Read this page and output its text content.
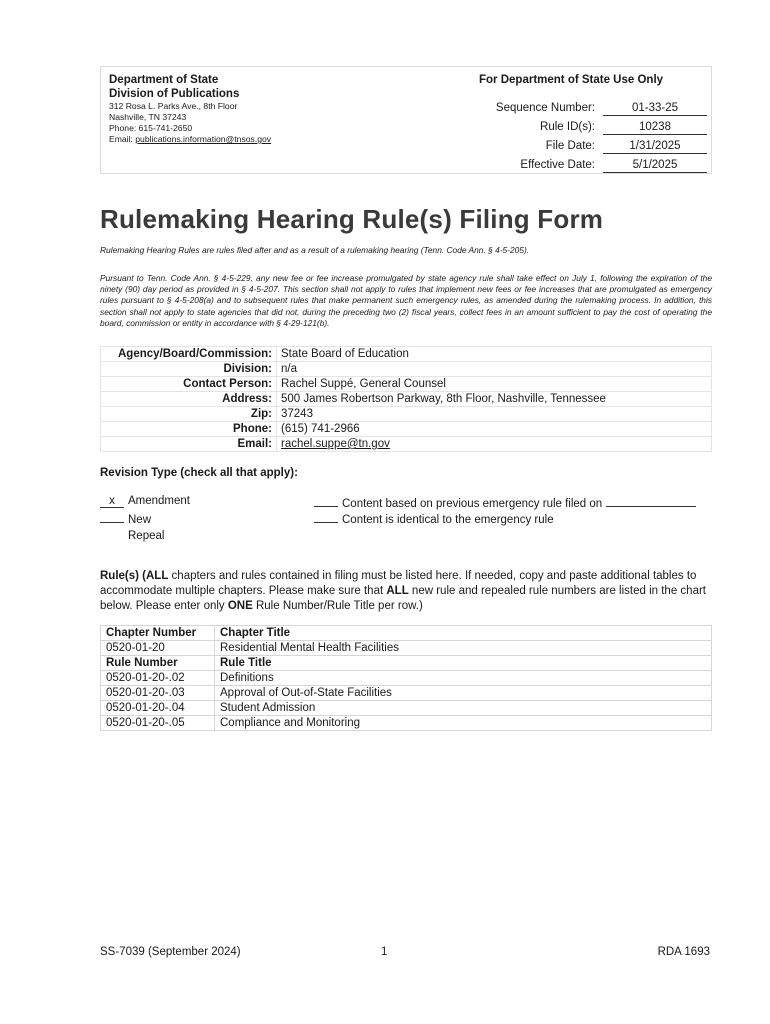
Department of State
Division of Publications
312 Rosa L. Parks Ave., 8th Floor
Nashville, TN 37243
Phone: 615-741-2650
Email: publications.information@tnsos.gov
For Department of State Use Only
Sequence Number:	01-33-25
Rule ID(s):	10238
File Date:	1/31/2025
Effective Date:	5/1/2025
Rulemaking Hearing Rule(s) Filing Form
Rulemaking Hearing Rules are rules filed after and as a result of a rulemaking hearing (Tenn. Code Ann. § 4-5-205).
Pursuant to Tenn. Code Ann. § 4-5-229, any new fee or fee increase promulgated by state agency rule shall take effect on July 1, following the expiration of the ninety (90) day period as provided in § 4-5-207. This section shall not apply to rules that implement new fees or fee increases that are promulgated as emergency rules pursuant to § 4-5-208(a) and to subsequent rules that make permanent such emergency rules, as amended during the rulemaking process. In addition, this section shall not apply to state agencies that did not, during the preceding two (2) fiscal years, collect fees in an amount sufficient to pay the cost of operating the board, commission or entity in accordance with § 4-29-121(b).
Agency/Board/Commission:	State Board of Education
Division:	n/a
Contact Person:	Rachel Suppé, General Counsel
Address:	500 James Robertson Parkway, 8th Floor, Nashville, Tennessee
Zip:	37243
Phone:	(615) 741-2966
Email:	rachel.suppe@tn.gov
Revision Type (check all that apply):
x Amendment
New
Repeal
Content based on previous emergency rule filed on
Content is identical to the emergency rule
Rule(s) (ALL chapters and rules contained in filing must be listed here. If needed, copy and paste additional tables to accommodate multiple chapters. Please make sure that ALL new rule and repealed rule numbers are listed in the chart below. Please enter only ONE Rule Number/Rule Title per row.)
Chapter Number	Chapter Title
0520-01-20	Residential Mental Health Facilities
Rule Number	Rule Title
0520-01-20-.02	Definitions
0520-01-20-.03	Approval of Out-of-State Facilities
0520-01-20-.04	Student Admission
0520-01-20-.05	Compliance and Monitoring
SS-7039 (September 2024)	1	RDA 1693
